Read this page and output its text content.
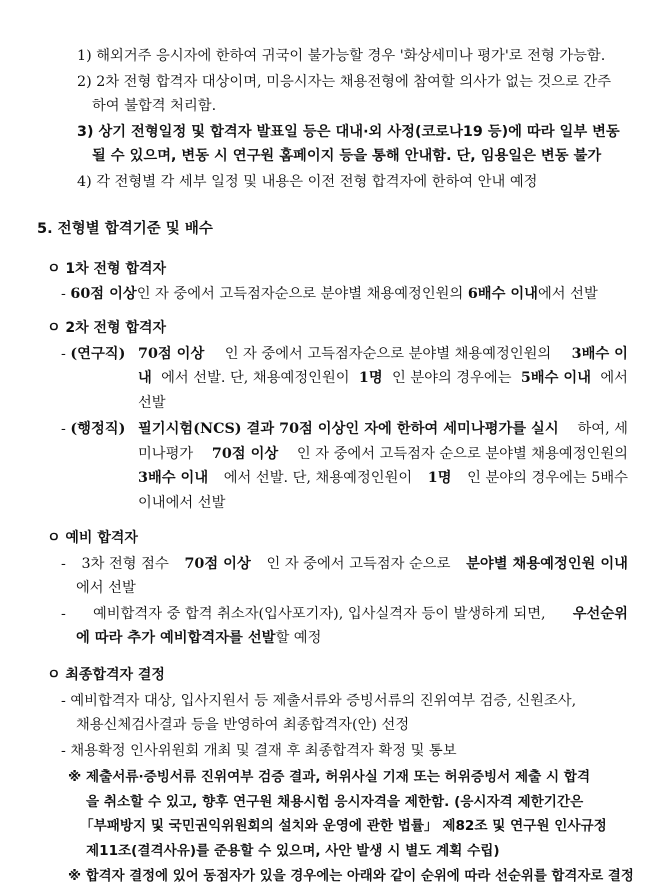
1) 해외거주 응시자에 한하여 귀국이 불가능할 경우 '화상세미나 평가'로 전형 가능함.
2) 2차 전형 합격자 대상이며, 미응시자는 채용전형에 참여할 의사가 없는 것으로 간주
하여 불합격 처리함.
3) 상기 전형일정 및 합격자 발표일 등은 대내·외 사정(코로나19 등)에 따라 일부 변동
될 수 있으며, 변동 시 연구원 홈페이지 등을 통해 안내함. 단, 임용일은 변동 불가
4) 각 전형별 각 세부 일정 및 내용은 이전 전형 합격자에 한하여 안내 예정
5. 전형별 합격기준 및 배수
ㅇ 1차 전형 합격자
- 60점 이상인 자 중에서 고득점자순으로 분야별 채용예정인원의 6배수 이내에서 선발
ㅇ 2차 전형 합격자
- (연구직) 70점 이상 인 자 중에서 고득점자순으로 분야별 채용예정인원의 3배수 이
내 에서 선발. 단, 채용예정인원이 1명 인 분야의 경우에는 5배수 이내 에서
선발
- (행정직) 필기시험(NCS) 결과 70점 이상인 자에 한하여 세미나평가를 실시 하여, 세
미나평가 70점 이상 인 자 중에서 고득점자 순으로 분야별 채용예정인원의
3배수 이내 에서 선발. 단, 채용예정인원이 1명 인 분야의 경우에는 5배수
이내에서 선발
ㅇ 예비 합격자
- 3차 전형 점수 70점 이상 인 자 중에서 고득점자 순으로 분야별 채용예정인원 이내
에서 선발
- 예비합격자 중 합격 취소자(입사포기자), 입사실격자 등이 발생하게 되면, 우선순위
에 따라 추가 예비합격자를 선발할 예정
ㅇ 최종합격자 결정
- 예비합격자 대상, 입사지원서 등 제출서류와 증빙서류의 진위여부 검증, 신원조사,
채용신체검사결과 등을 반영하여 최종합격자(안) 선정
- 채용확정 인사위원회 개최 및 결재 후 최종합격자 확정 및 통보
※ 제출서류·증빙서류 진위여부 검증 결과, 허위사실 기재 또는 허위증빙서 제출 시 합격
을 취소할 수 있고, 향후 연구원 채용시험 응시자격을 제한함. (응시자격 제한기간은
「부패방지 및 국민권익위원회의 설치와 운영에 관한 법률」 제82조 및 연구원 인사규정
제11조(결격사유)를 준용할 수 있으며, 사안 발생 시 별도 계획 수립)
※ 합격자 결정에 있어 동점자가 있을 경우에는 아래와 같이 순위에 따라 선순위를 합격자로 결정
